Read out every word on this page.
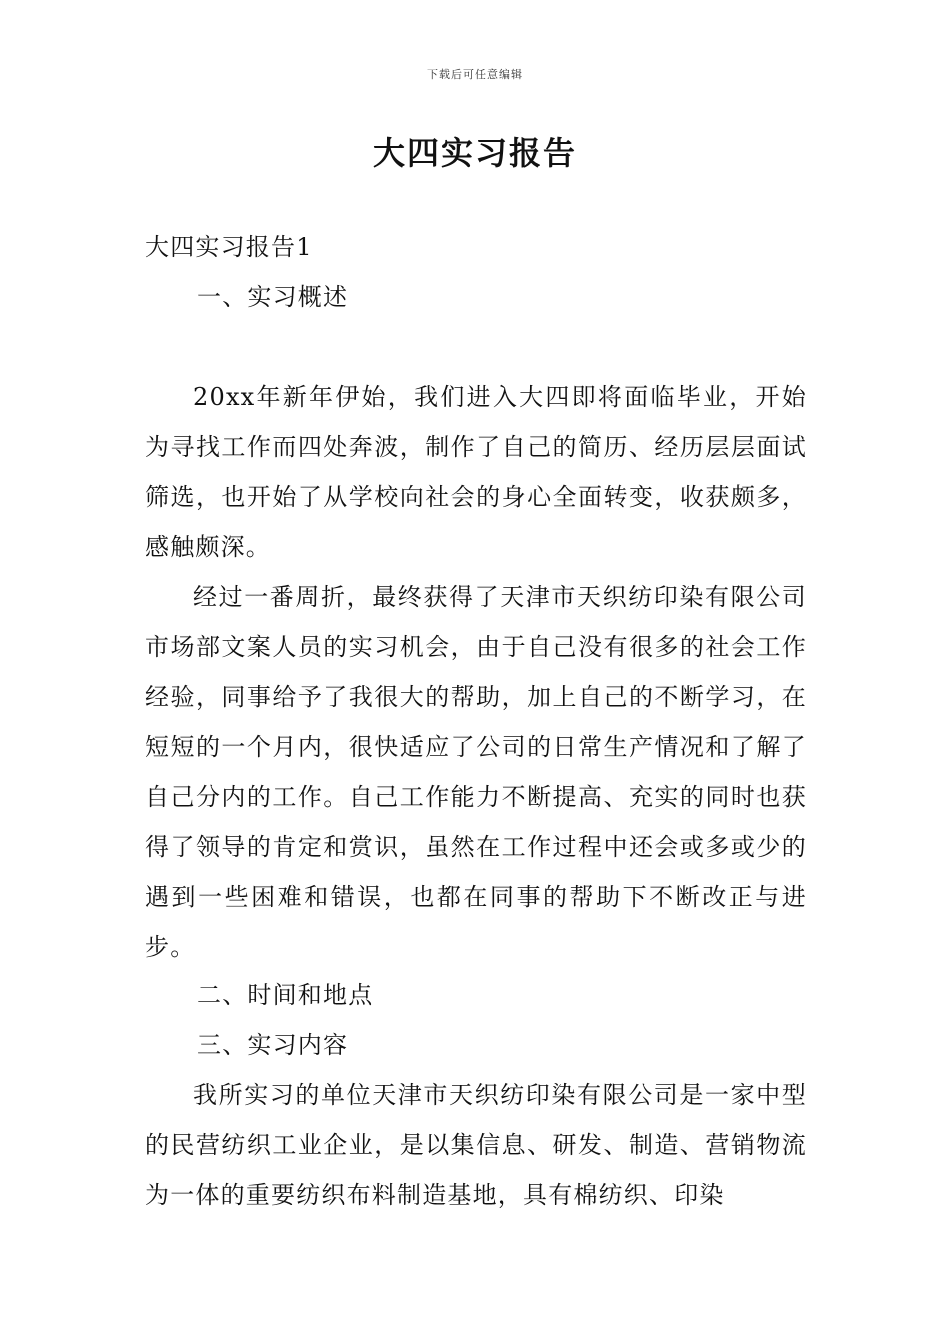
下载后可任意编辑
大四实习报告
大四实习报告1
一、实习概述

20xx年新年伊始，我们进入大四即将面临毕业，开始为寻找工作而四处奔波，制作了自己的简历、经历层层面试筛选，也开始了从学校向社会的身心全面转变，收获颇多，感触颇深。

经过一番周折，最终获得了天津市天织纺印染有限公司市场部文案人员的实习机会，由于自己没有很多的社会工作经验，同事给予了我很大的帮助，加上自己的不断学习，在短短的一个月内，很快适应了公司的日常生产情况和了解了自己分内的工作。自己工作能力不断提高、充实的同时也获得了领导的肯定和赏识，虽然在工作过程中还会或多或少的遇到一些困难和错误，也都在同事的帮助下不断改正与进步。

二、时间和地点
三、实习内容

我所实习的单位天津市天织纺印染有限公司是一家中型的民营纺织工业企业，是以集信息、研发、制造、营销物流为一体的重要纺织布料制造基地，具有棉纺织、印染
